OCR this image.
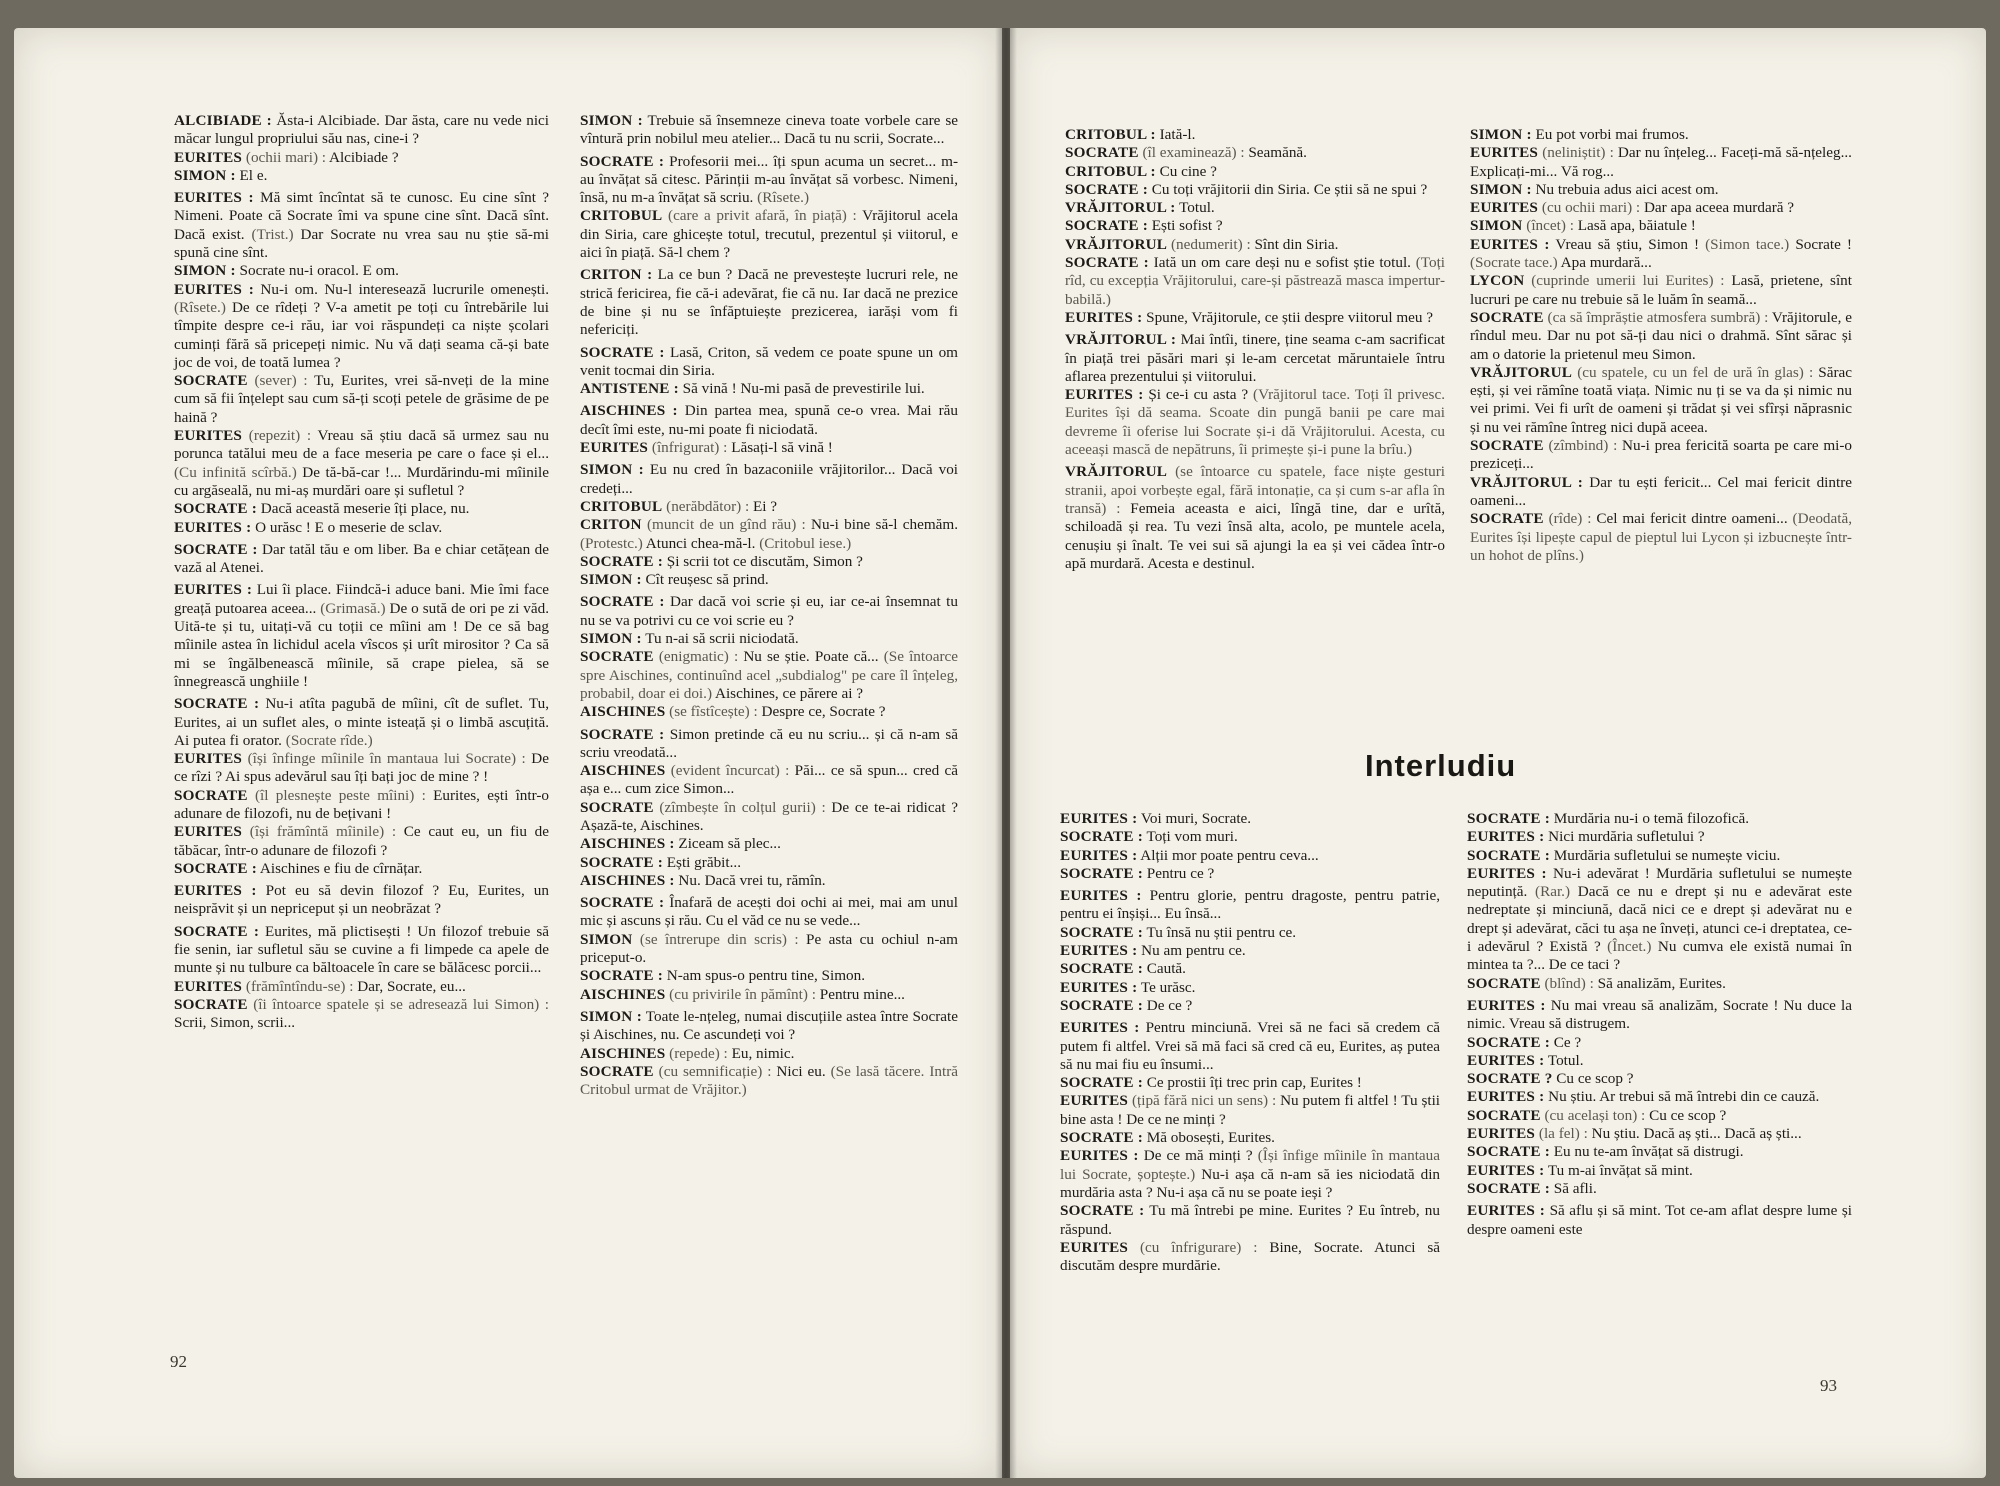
ALCIBIADE : Ăsta-i Alcibiade. Dar ăsta, care nu vede nici măcar lungul propriului său nas, cine-i ?

EURITES (ochii mari) : Alcibiade ?

SIMON : El e.

EURITES : Mă simt încîntat să te cunosc. Eu cine sînt ? Nimeni. Poate că Socrate îmi va spune cine sînt. Dacă sînt. Dacă exist. (Trist.) Dar Socrate nu vrea sau nu știe să-mi spună cine sînt.

SIMON : Socrate nu-i oracol. E om.

EURITES : Nu-i om. Nu-l interesează lucrurile omenești. (Rîsete.) De ce rîdeți ? V-a ametit pe toți cu întrebările lui tîmpite despre ce-i rău, iar voi răspundeți ca niște școlari cuminți fără să pricepeți nimic. Nu vă dați seama că-și bate joc de voi, de toată lumea ?

SOCRATE (sever) : Tu, Eurites, vrei să-nveți de la mine cum să fii înțelept sau cum să-ți scoți petele de grăsime de pe haină ?

EURITES (repezit) : Vreau să știu dacă să urmez sau nu porunca tatălui meu de a face meseria pe care o face și el... (Cu infinită scîrbă.) De tă-bă-car !... Murdărindu-mi mîinile cu argăseală, nu mi-aș murdări oare și sufletul ?

SOCRATE : Dacă această meserie îți place, nu.

EURITES : O urăsc ! E o meserie de sclav.

SOCRATE : Dar tatăl tău e om liber. Ba e chiar cetățean de vază al Atenei.

EURITES : Lui îi place. Fiindcă-i aduce bani. Mie îmi face greață putoarea aceea... (Grimasă.) De o sută de ori pe zi văd. Uită-te și tu, uitați-vă cu toții ce mîini am ! De ce să bag mîinile astea în lichidul acela vîscos și urît mirositor ? Ca să mi se îngălbenească mîinile, să crape pielea, să se înnegrească unghiile !

SOCRATE : Nu-i atîta pagubă de mîini, cît de suflet. Tu, Eurites, ai un suflet ales, o minte isteață și o limbă ascuțită. Ai putea fi orator. (Socrate rîde.)

EURITES (își înfinge mîinile în mantaua lui Socrate) : De ce rîzi ? Ai spus adevărul sau îți bați joc de mine ? !

SOCRATE (îl plesnește peste mîini) : Eurites, ești într-o adunare de filozofi, nu de bețivani !

EURITES (își frămîntă mîinile) : Ce caut eu, un fiu de tăbăcar, într-o adunare de filozofi ?

SOCRATE : Aischines e fiu de cîrnățar.

EURITES : Pot eu să devin filozof ? Eu, Eurites, un neisprăvit și un nepriceput și un neobrăzat ?

SOCRATE : Eurites, mă plictisești ! Un filozof trebuie să fie senin, iar sufletul său se cuvine a fi limpede ca apele de munte și nu tulbure ca băltoacele în care se bălăcesc porcii...

EURITES (frămîntîndu-se) : Dar, Socrate, eu...

SOCRATE (îi întoarce spatele și se adresează lui Simon) : Scrii, Simon, scrii...

SIMON : Trebuie să însemneze cineva toate vorbele care se vîntură prin nobilul meu atelier... Dacă tu nu scrii, Socrate...

SOCRATE : Profesorii mei... îți spun acuma un secret... m-au învățat să citesc. Părinții m-au învățat să vorbesc. Nimeni, însă, nu m-a învățat să scriu. (Rîsete.)

CRITOBUL (care a privit afară, în piață) : Vrăjitorul acela din Siria, care ghicește totul, trecutul, prezentul și viitorul, e aici în piață. Să-l chem ?

CRITON : La ce bun ? Dacă ne prevestește lucruri rele, ne strică fericirea, fie că-i adevărat, fie că nu. Iar dacă ne prezice de bine și nu se înfăptuiește prezicerea, iarăși vom fi nefericiți.

SOCRATE : Lasă, Criton, să vedem ce poate spune un om venit tocmai din Siria.

ANTISTENE : Să vină ! Nu-mi pasă de prevestirile lui.

AISCHINES : Din partea mea, spună ce-o vrea. Mai rău decît îmi este, nu-mi poate fi niciodată.

EURITES (înfrigurat) : Lăsați-l să vină !

SIMON : Eu nu cred în bazaconiile vrăjitorilor... Dacă voi credeți...

CRITOBUL (nerăbdător) : Ei ?

CRITON (muncit de un gînd rău) : Nu-i bine să-l chemăm. (Protestc.) Atunci chea-mă-l. (Critobul iese.)

SOCRATE : Și scrii tot ce discutăm, Simon ?

SIMON : Cît reușesc să prind.

SOCRATE : Dar dacă voi scrie și eu, iar ce-ai însemnat tu nu se va potrivi cu ce voi scrie eu ?

SIMON : Tu n-ai să scrii niciodată.

SOCRATE (enigmatic) : Nu se știe. Poate că... (Se întoarce spre Aischines, continuînd acel „subdialog" pe care îl înțeleg, probabil, doar ei doi.) Aischines, ce părere ai ?

AISCHINES (se fîstîcește) : Despre ce, Socrate ?

SOCRATE : Simon pretinde că eu nu scriu... și că n-am să scriu vreodată...

AISCHINES (evident încurcat) : Păi... ce să spun... cred că așa e... cum zice Simon...

SOCRATE (zîmbește în colțul gurii) : De ce te-ai ridicat ? Așază-te, Aischines.

AISCHINES : Ziceam să plec...

SOCRATE : Ești grăbit...

AISCHINES : Nu. Dacă vrei tu, rămîn.

SOCRATE : Înafară de acești doi ochi ai mei, mai am unul mic și ascuns și rău. Cu el văd ce nu se vede...

SIMON (se întrerupe din scris) : Pe asta cu ochiul n-am priceput-o.

SOCRATE : N-am spus-o pentru tine, Simon.

AISCHINES (cu privirile în pămînt) : Pentru mine...

SIMON : Toate le-nțeleg, numai discuțiile astea între Socrate și Aischines, nu. Ce ascundeți voi ?

AISCHINES (repede) : Eu, nimic.

SOCRATE (cu semnificație) : Nici eu. (Se lasă tăcere. Intră Critobul urmat de Vrăjitor.)

CRITOBUL : Iată-l.

SOCRATE (îl examinează) : Seamănă.

CRITOBUL : Cu cine ?

SOCRATE : Cu toți vrăjitorii din Siria. Ce știi să ne spui ?

VRĂJITORUL : Totul.

SOCRATE : Ești sofist ?

VRĂJITORUL (nedumerit) : Sînt din Siria.

SOCRATE : Iată un om care deși nu e sofist știe totul. (Toți rîd, cu excepția Vrăjitorului, care-și păstrează masca impertur-babilă.)

EURITES : Spune, Vrăjitorule, ce știi despre viitorul meu ?

VRĂJITORUL : Mai întîi, tinere, ține seama c-am sacrificat în piață trei păsări mari și le-am cercetat măruntaiele întru aflarea prezentului și viitorului.

EURITES : Și ce-i cu asta ? (Vrăjitorul tace. Toți îl privesc. Eurites își dă seama. Scoate din pungă banii pe care mai devreme îi oferise lui Socrate și-i dă Vrăjitorului. Acesta, cu aceeași mască de nepătruns, îi primește și-i pune la brîu.)

VRĂJITORUL (se întoarce cu spatele, face niște gesturi stranii, apoi vorbește egal, fără intonație, ca și cum s-ar afla în transă) : Femeia aceasta e aici, lîngă tine, dar e urîtă, schiloadă și rea. Tu vezi însă alta, acolo, pe muntele acela, cenușiu și înalt. Te vei sui să ajungi la ea și vei cădea într-o apă murdară. Acesta e destinul.

SIMON : Eu pot vorbi mai frumos.

EURITES (neliniștit) : Dar nu înțeleg... Faceți-mă să-nțeleg... Explicați-mi... Vă rog...

SIMON : Nu trebuia adus aici acest om.

EURITES (cu ochii mari) : Dar apa aceea murdară ?

SIMON (încet) : Lasă apa, băiatule !

EURITES : Vreau să știu, Simon ! (Simon tace.) Socrate ! (Socrate tace.) Apa murdară...

LYCON (cuprinde umerii lui Eurites) : Lasă, prietene, sînt lucruri pe care nu trebuie să le luăm în seamă...

SOCRATE (ca să împrăștie atmosfera sumbră) : Vrăjitorule, e rîndul meu. Dar nu pot să-ți dau nici o drahmă. Sînt sărac și am o datorie la prietenul meu Simon.

VRĂJITORUL (cu spatele, cu un fel de ură în glas) : Sărac ești, și vei rămîne toată viața. Nimic nu ți se va da și nimic nu vei primi. Vei fi urît de oameni și trădat și vei sfîrși năprasnic și nu vei rămîne întreg nici după aceea.

SOCRATE (zîmbind) : Nu-i prea fericită soarta pe care mi-o preziceți...

VRĂJITORUL : Dar tu ești fericit... Cel mai fericit dintre oameni...

SOCRATE (rîde) : Cel mai fericit dintre oameni... (Deodată, Eurites își lipește capul de pieptul lui Lycon și izbucnește într-un hohot de plîns.)

Interludiu

EURITES : Voi muri, Socrate.

SOCRATE : Toți vom muri.

EURITES : Alții mor poate pentru ceva...

SOCRATE : Pentru ce ?

EURITES : Pentru glorie, pentru dragoste, pentru patrie, pentru ei înșiși... Eu însă...

SOCRATE : Tu însă nu știi pentru ce.

EURITES : Nu am pentru ce.

SOCRATE : Caută.

EURITES : Te urăsc.

SOCRATE : De ce ?

EURITES : Pentru minciună. Vrei să ne faci să credem că putem fi altfel. Vrei să mă faci să cred că eu, Eurites, aș putea să nu mai fiu eu însumi...

SOCRATE : Ce prostii îți trec prin cap, Eurites !

EURITES (țipă fără nici un sens) : Nu putem fi altfel ! Tu știi bine asta ! De ce ne minți ?

SOCRATE : Mă obosești, Eurites.

EURITES : De ce mă minți ? (Își înfige mîinile în mantaua lui Socrate, șoptește.) Nu-i așa că n-am să ies niciodată din murdăria asta ? Nu-i așa că nu se poate ieși ?

SOCRATE : Tu mă întrebi pe mine. Eurites ? Eu întreb, nu răspund.

EURITES (cu înfrigurare) : Bine, Socrate. Atunci să discutăm despre murdărie.

SOCRATE : Murdăria nu-i o temă filozofică.

EURITES : Nici murdăria sufletului ?

SOCRATE : Murdăria sufletului se numește viciu.

EURITES : Nu-i adevărat ! Murdăria sufletului se numește neputință. (Rar.) Dacă ce nu e drept și nu e adevărat este nedreptate și minciună, dacă nici ce e drept și adevărat nu e drept și adevărat, căci tu așa ne înveți, atunci ce-i dreptatea, ce-i adevărul ? Există ? (Încet.) Nu cumva ele există numai în mintea ta ?... De ce taci ?

SOCRATE (blînd) : Să analizăm, Eurites.

EURITES : Nu mai vreau să analizăm, Socrate ! Nu duce la nimic. Vreau să distrugem.

SOCRATE : Ce ?

EURITES : Totul.

SOCRATE ? Cu ce scop ?

EURITES : Nu știu. Ar trebui să mă întrebi din ce cauză.

SOCRATE (cu același ton) : Cu ce scop ?

EURITES (la fel) : Nu știu. Dacă aș ști... Dacă aș ști...

SOCRATE : Eu nu te-am învățat să distrugi.

EURITES : Tu m-ai învățat să mint.

SOCRATE : Să afli.

EURITES : Să aflu și să mint. Tot ce-am aflat despre lume și despre oameni este

92
93
